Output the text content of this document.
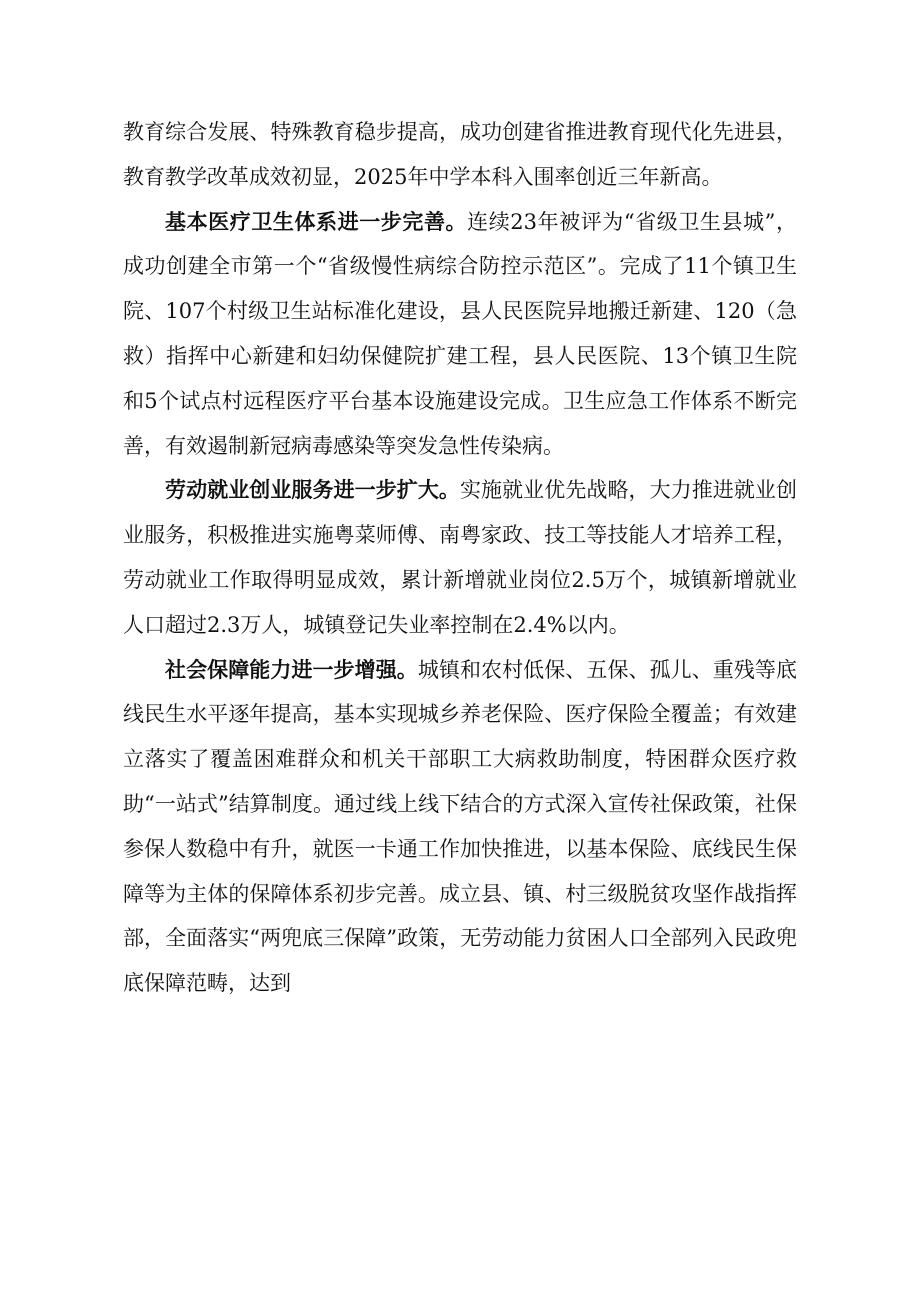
教育综合发展、特殊教育稳步提高，成功创建省推进教育现代化先进县，教育教学改革成效初显，2025年中学本科入围率创近三年新高。

基本医疗卫生体系进一步完善。连续23年被评为“省级卫生县城”，成功创建全市第一个“省级慢性病综合防控示范区”。完成了11个镇卫生院、107个村级卫生站标准化建设，县人民医院异地搬迁新建、120（急救）指挥中心新建和妇幼保健院扩建工程，县人民医院、13个镇卫生院和5个试点村远程医疗平台基本设施建设完成。卫生应急工作体系不断完善，有效遏制新冠病毒感染等突发急性传染病。

劳动就业创业服务进一步扩大。实施就业优先战略，大力推进就业创业服务，积极推进实施粤菜师傅、南粤家政、技工等技能人才培养工程，劳动就业工作取得明显成效，累计新增就业岗位2.5万个，城镇新增就业人口超过2.3万人，城镇登记失业率控制在2.4%以内。

社会保障能力进一步增强。城镇和农村低保、五保、孤儿、重残等底线民生水平逐年提高，基本实现城乡养老保险、医疗保险全覆盖；有效建立落实了覆盖困难群众和机关干部职工大病救助制度，特困群众医疗救助“一站式”结算制度。通过线上线下结合的方式深入宣传社保政策，社保参保人数稳中有升，就医一卡通工作加快推进，以基本保险、底线民生保障等为主体的保障体系初步完善。成立县、镇、村三级脱贫攻坚作战指挥部，全面落实“两兜底三保障”政策，无劳动能力贫困人口全部列入民政兜底保障范畴，达到
